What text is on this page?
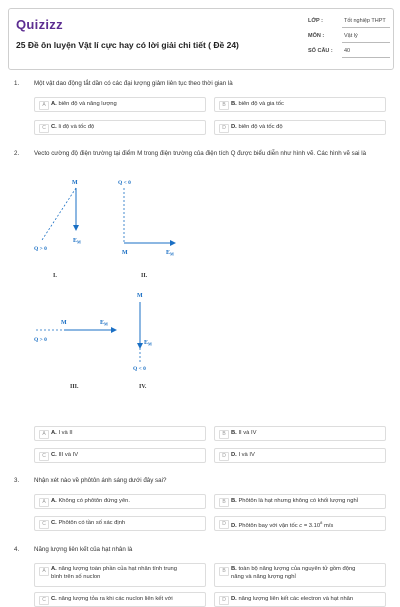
Quizizz
25 Đề ôn luyện Vật lí cực hay có lời giải chi tiết ( Đề 24)
LỚP :	Tốt nghiệp THPT
MÔN :	Vật lý
SỐ CÂU : 40
1. Một vật dao động tắt dần có các đại lượng giảm liên tục theo thời gian là
A A. biên độ và năng lượng	B B. biên độ và gia tốc
C C. li độ và tốc độ	D D. biên độ và tốc độ
2. Vecto cường độ điện trường tại điểm M trong điện trường của điện tích Q được biểu diễn như hình vẽ. Các hình vẽ sai là
M
Q > 0
$E_M$
I.
Q < 0
M	$E_M$
II.
M	$E_M$
Q > 0
III.
M
$E_M$
Q < 0
IV.
A A. I và II	B B. II và IV
C C. III và IV	D D. I và IV
3. Nhận xét nào về phôtôn ánh sáng dưới đây sai?
A A. Không có phôtôn đứng yên.	B B. Phôtôn là hạt nhưng không có khối lượng nghỉ
C C. Phôtôn có tần số xác định	D D. Phôtôn bay với vận tốc $c = 3.10^8$ m/s
4. Năng lượng liên kết của hạt nhân là
A A. năng lượng toàn phần của hạt nhân tính trung bình trên số nuclon
B B. toàn bộ năng lượng của nguyên tử gồm động năng và năng lượng nghỉ
C C. năng lượng tỏa ra khi các nuclon liên kết với	D D. năng lượng liên kết các electron và hạt nhân
